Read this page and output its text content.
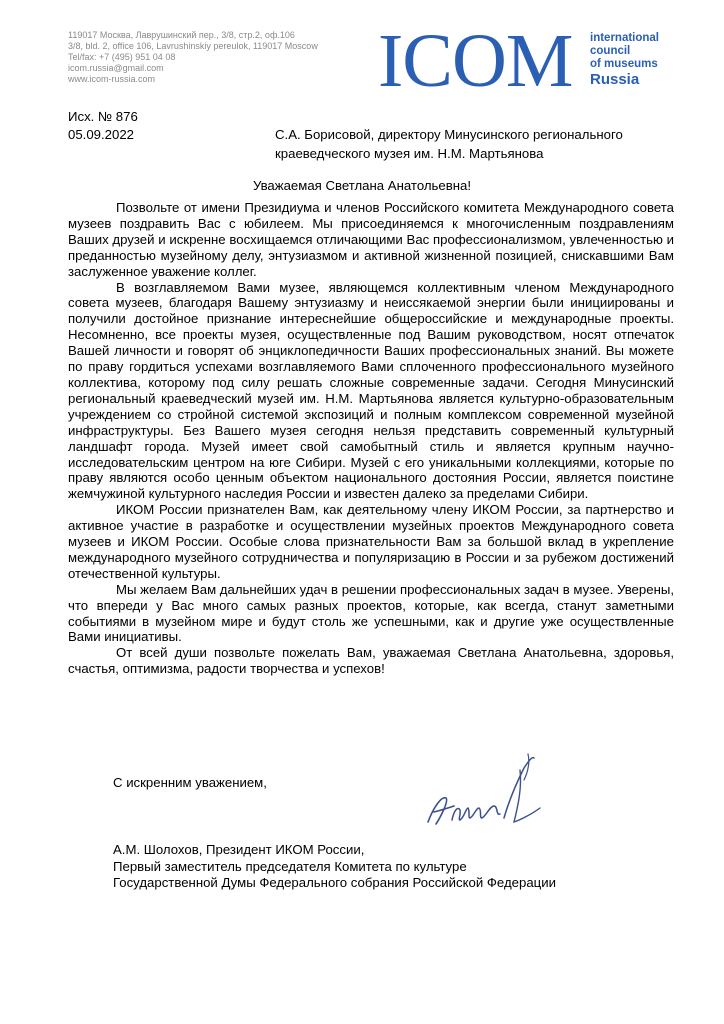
119017 Москва, Лаврушинский пер., 3/8, стр.2, оф.106
3/8, bld. 2, office 106, Lavrushinskiy pereulok, 119017 Moscow
Tel/fax: +7 (495) 951 04 08
icom.russia@gmail.com
www.icom-russia.com	ICOM international
council
of museums
Russia
Исх. № 876
05.09.2022	С.А. Борисовой, директору Минусинского регионального краеведческого музея им. Н.М. Мартьянова
Уважаемая Светлана Анатольевна!

Позвольте от имени Президиума и членов Российского комитета Международного совета музеев поздравить Вас с юбилеем. Мы присоединяемся к многочисленным поздравлениям Ваших друзей и искренне восхищаемся отличающими Вас профессионализмом, увлеченностью и преданностью музейному делу, энтузиазмом и активной жизненной позицией, снискавшими Вам заслуженное уважение коллег.

В возглавляемом Вами музее, являющемся коллективным членом Международного совета музеев, благодаря Вашему энтузиазму и неиссякаемой энергии были инициированы и получили достойное признание интереснейшие общероссийские и международные проекты. Несомненно, все проекты музея, осуществленные под Вашим руководством, носят отпечаток Вашей личности и говорят об энциклопедичности Ваших профессиональных знаний. Вы можете по праву гордиться успехами возглавляемого Вами сплоченного профессионального музейного коллектива, которому под силу решать сложные современные задачи. Сегодня Минусинский региональный краеведческий музей им. Н.М. Мартьянова является культурно-образовательным учреждением со стройной системой экспозиций и полным комплексом современной музейной инфраструктуры. Без Вашего музея сегодня нельзя представить современный культурный ландшафт города. Музей имеет свой самобытный стиль и является крупным научно-исследовательским центром на юге Сибири. Музей с его уникальными коллекциями, которые по праву являются особо ценным объектом национального достояния России, является поистине жемчужиной культурного наследия России и известен далеко за пределами Сибири.

ИКОМ России признателен Вам, как деятельному члену ИКОМ России, за партнерство и активное участие в разработке и осуществлении музейных проектов Международного совета музеев и ИКОМ России. Особые слова признательности Вам за большой вклад в укрепление международного музейного сотрудничества и популяризацию в России и за рубежом достижений отечественной культуры.

Мы желаем Вам дальнейших удач в решении профессиональных задач в музее. Уверены, что впереди у Вас много самых разных проектов, которые, как всегда, станут заметными событиями в музейном мире и будут столь же успешными, как и другие уже осуществленные Вами инициативы.

От всей души позвольте пожелать Вам, уважаемая Светлана Анатольевна, здоровья, счастья, оптимизма, радости творчества и успехов!

С искренним уважением,
А.М. Шолохов, Президент ИКОМ России,
Первый заместитель председателя Комитета по культуре
Государственной Думы Федерального собрания Российской Федерации
